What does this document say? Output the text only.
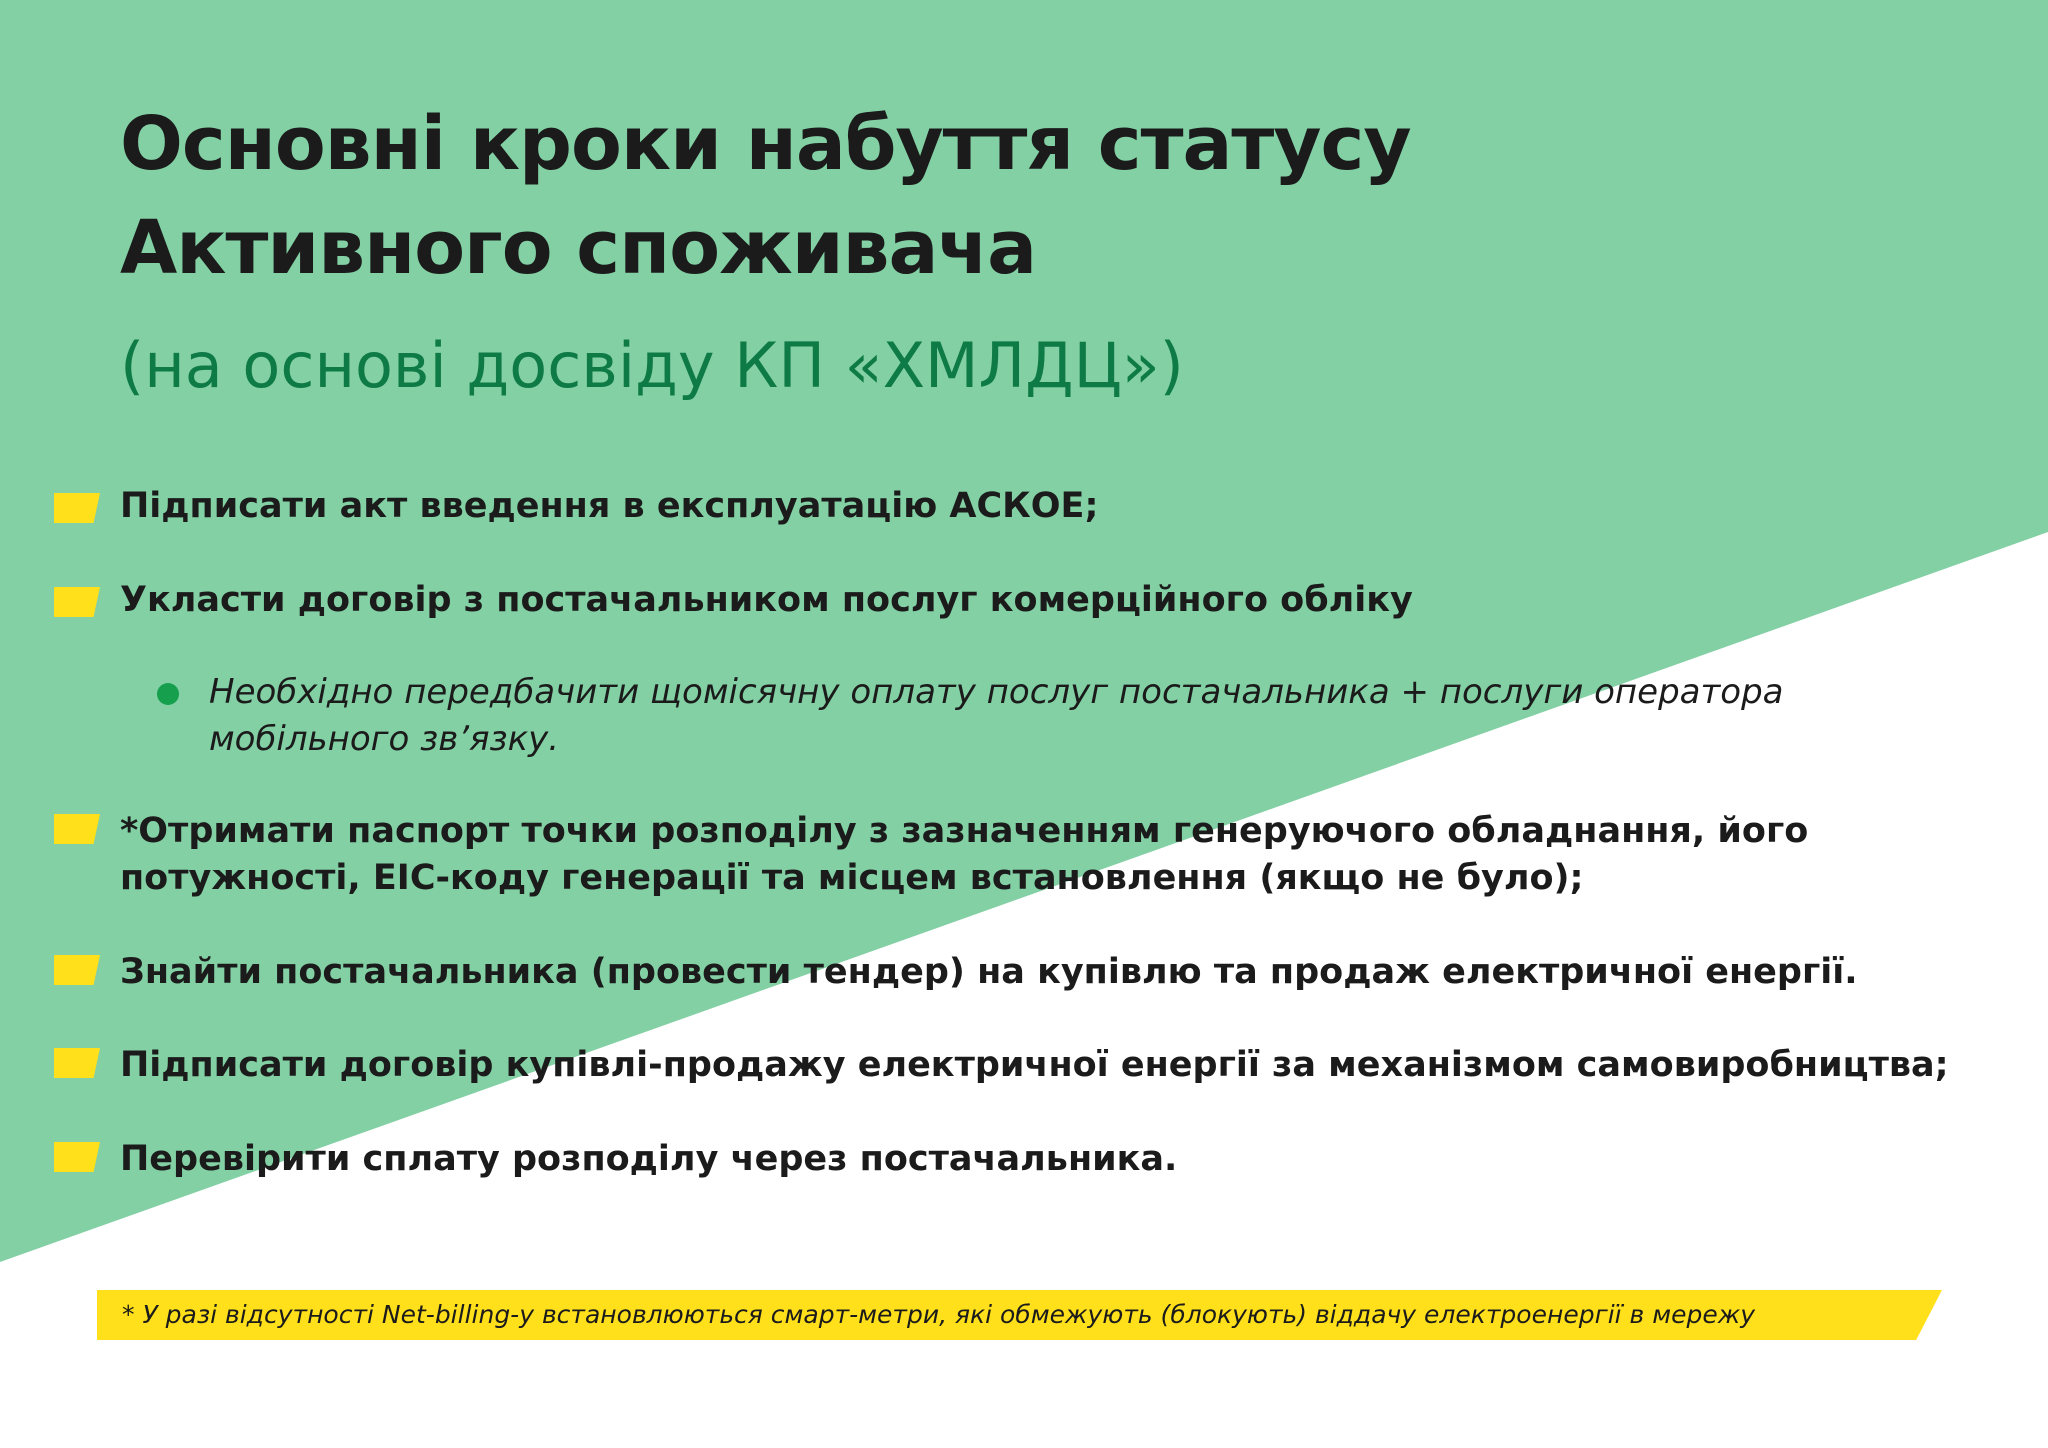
Основні кроки набуття статусу
Активного споживача
(на основі досвіду КП «ХМЛДЦ»)
Підписати акт введення в експлуатацію АСКОЕ;
Укласти договір з постачальником послуг комерційного обліку
Необхідно передбачити щомісячну оплату послуг постачальника + послуги оператора
мобільного зв’язку.
*Отримати паспорт точки розподілу з зазначенням генеруючого обладнання, його
потужності, ЕІС-коду генерації та місцем встановлення (якщо не було);
Знайти постачальника (провести тендер) на купівлю та продаж електричної енергії.
Підписати договір купівлі-продажу електричної енергії за механізмом самовиробництва;
Перевірити сплату розподілу через постачальника.
* У разі відсутності Net-billing-у встановлюються смарт-метри, які обмежують (блокують) віддачу електроенергії в мережу
